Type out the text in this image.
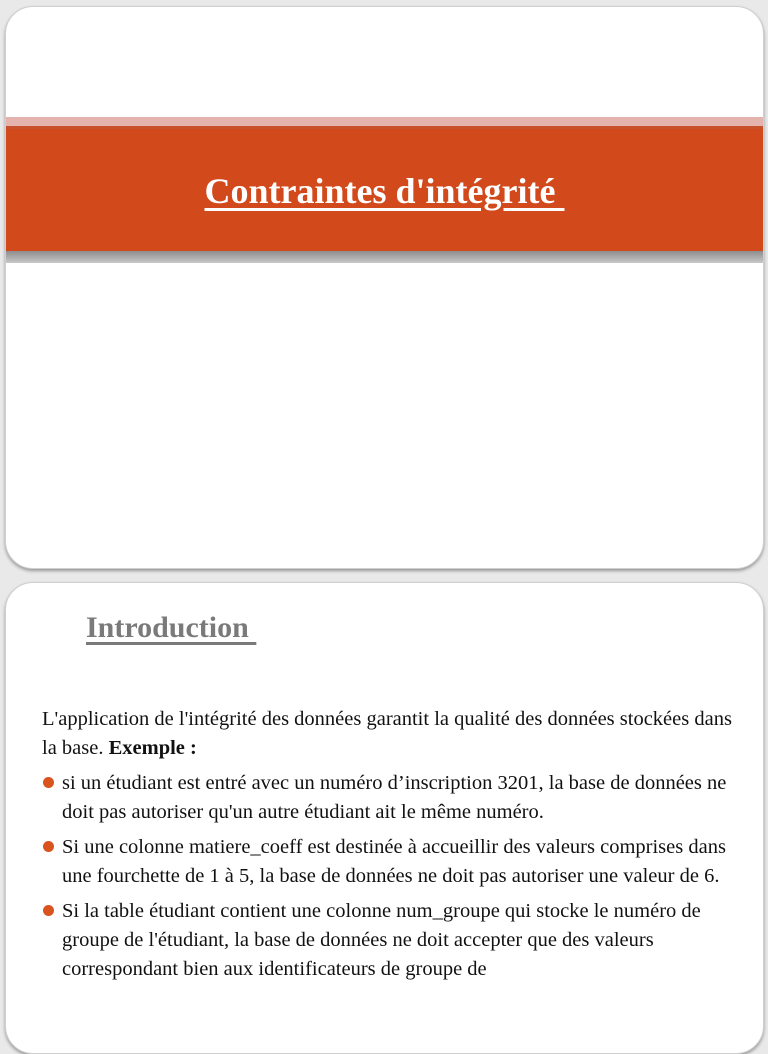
Contraintes d'intégrité
Introduction

L'application de l'intégrité des données garantit la qualité des données stockées dans la base. Exemple :

si un étudiant est entré avec un numéro d’inscription 3201, la base de données ne doit pas autoriser qu'un autre étudiant ait le même numéro.
Si une colonne matiere_coeff est destinée à accueillir des valeurs comprises dans une fourchette de 1 à 5, la base de données ne doit pas autoriser une valeur de 6.
Si la table étudiant contient une colonne num_groupe qui stocke le numéro de groupe de l'étudiant, la base de données ne doit accepter que des valeurs correspondant bien aux identificateurs de groupe de
